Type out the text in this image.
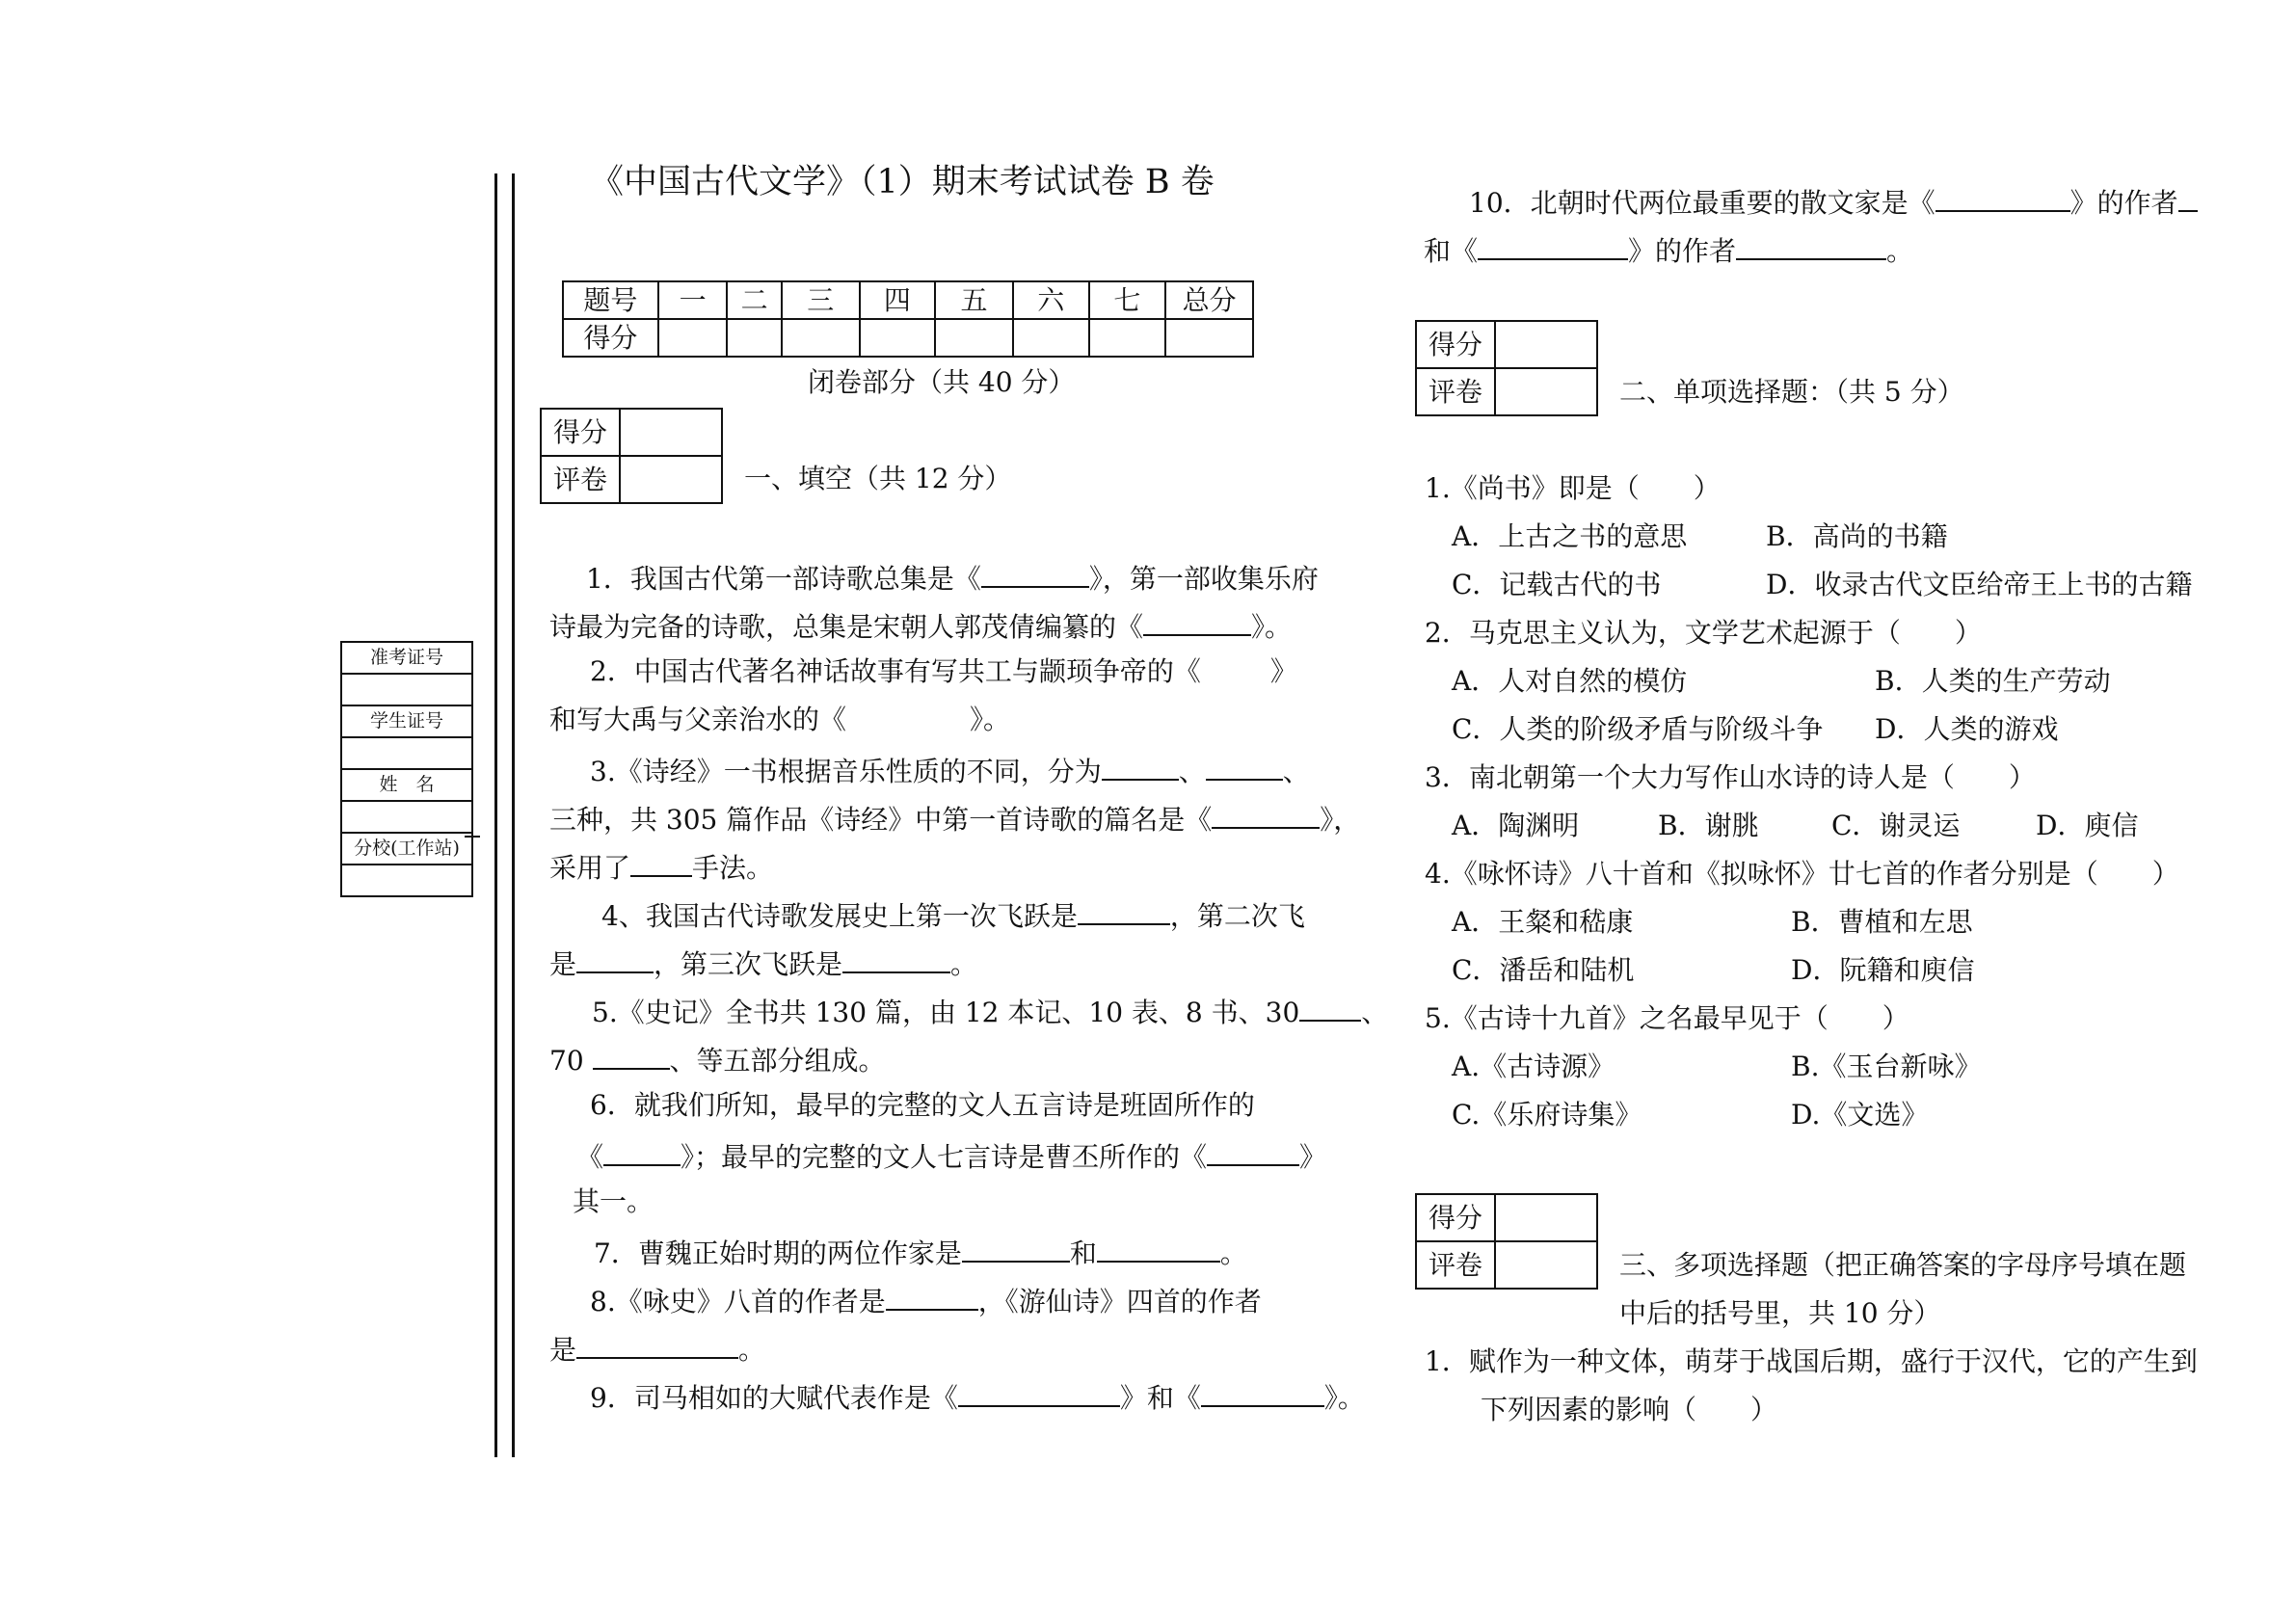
准考证号

学生证号

姓　名

分校(工作站)

《中国古代文学》（1）期末考试试卷 B 卷
题号	一	二	三	四	五	六	七	总分
得分								
闭卷部分（共 40 分）
得分	
评卷		一、填空（共 12 分）
1．我国古代第一部诗歌总集是《	》，第一部收集乐府
诗最为完备的诗歌，总集是宋朝人郭茂倩编纂的《	》。
2．中国古代著名神话故事有写共工与颛顼争帝的《	》
和写大禹与父亲治水的《	》。
3.《诗经》一书根据音乐性质的不同，分为	、	、
三种，共 305 篇作品《诗经》中第一首诗歌的篇名是《	》，
采用了 手法。
4、我国古代诗歌发展史上第一次飞跃是	，第二次飞
是	，第三次飞跃是	。
5.《史记》全书共 130 篇，由 12 本记、10 表、8 书、30 、
70	、等五部分组成。
6．就我们所知，最早的完整的文人五言诗是班固所作的
《	》；最早的完整的文人七言诗是曹丕所作的《	》
其一。
7．曹魏正始时期的两位作家是	和	。
8.《咏史》八首的作者是	，《游仙诗》四首的作者
是	。
9．司马相如的大赋代表作是《	》和《	》。
10．北朝时代两位最重要的散文家是《	》的作者
和《	》的作者	。
得分	
评卷		二、单项选择题：（共 5 分）
1.《尚书》即是（　　）
A．上古之书的意思	B．高尚的书籍
C．记载古代的书	D．收录古代文臣给帝王上书的古籍
2．马克思主义认为，文学艺术起源于（　　）
A．人对自然的模仿	B．人类的生产劳动
C．人类的阶级矛盾与阶级斗争 D．人类的游戏
3．南北朝第一个大力写作山水诗的诗人是（　　）
A．陶渊明	B．谢朓	C．谢灵运	D．庾信
4.《咏怀诗》八十首和《拟咏怀》廿七首的作者分别是（　　）
A．王粲和嵇康	B．曹植和左思
C．潘岳和陆机	D．阮籍和庾信
5.《古诗十九首》之名最早见于（　　）
A.《古诗源》	B.《玉台新咏》
C.《乐府诗集》	D.《文选》
得分	
评卷		三、多项选择题（把正确答案的字母序号填在题
中后的括号里，共 10 分）
1．赋作为一种文体，萌芽于战国后期，盛行于汉代，它的产生到
下列因素的影响（　　）
